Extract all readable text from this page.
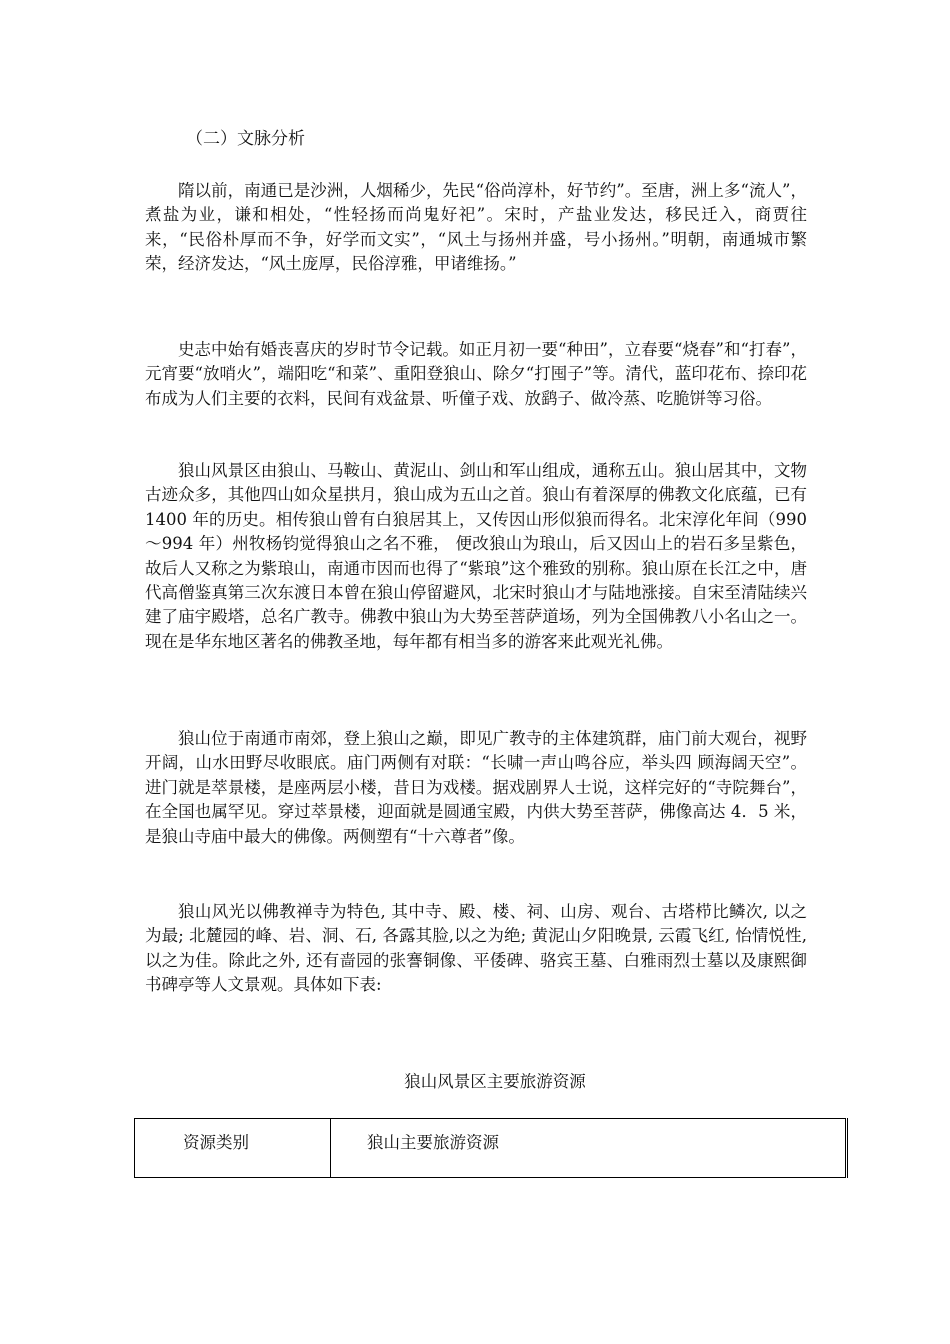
（二）文脉分析

隋以前，南通已是沙洲，人烟稀少，先民“俗尚淳朴，好节约”。至唐，洲上多“流人”，煮盐为业，谦和相处，“性轻扬而尚鬼好祀”。宋时，产盐业发达，移民迁入，商贾往来，“民俗朴厚而不争，好学而文实”，“风土与扬州并盛，号小扬州。”明朝，南通城市繁荣，经济发达，“风土庞厚，民俗淳雅，甲诸维扬。”

史志中始有婚丧喜庆的岁时节令记载。如正月初一要“种田”，立春要“烧春”和“打春”，元宵要“放哨火”，端阳吃“和菜”、重阳登狼山、除夕“打囤子”等。清代，蓝印花布、捺印花布成为人们主要的衣料，民间有戏盆景、听僮子戏、放鹞子、做冷蒸、吃脆饼等习俗。

狼山风景区由狼山、马鞍山、黄泥山、剑山和军山组成，通称五山。狼山居其中，文物古迹众多，其他四山如众星拱月，狼山成为五山之首。狼山有着深厚的佛教文化底蕴，已有 1400 年的历史。相传狼山曾有白狼居其上，又传因山形似狼而得名。北宋淳化年间（990～994 年）州牧杨钧觉得狼山之名不雅， 便改狼山为琅山，后又因山上的岩石多呈紫色，故后人又称之为紫琅山，南通市因而也得了“紫琅”这个雅致的别称。狼山原在长江之中，唐代高僧鉴真第三次东渡日本曾在狼山停留避风，北宋时狼山才与陆地涨接。自宋至清陆续兴建了庙宇殿塔，总名广教寺。佛教中狼山为大势至菩萨道场，列为全国佛教八小名山之一。现在是华东地区著名的佛教圣地，每年都有相当多的游客来此观光礼佛。

狼山位于南通市南郊，登上狼山之巅，即见广教寺的主体建筑群，庙门前大观台，视野开阔，山水田野尽收眼底。庙门两侧有对联：“长啸一声山鸣谷应，举头四 顾海阔天空”。进门就是萃景楼，是座两层小楼，昔日为戏楼。据戏剧界人士说，这样完好的“寺院舞台”，在全国也属罕见。穿过萃景楼，迎面就是圆通宝殿，内供大势至菩萨，佛像高达 4．5 米，是狼山寺庙中最大的佛像。两侧塑有“十六尊者”像。

狼山风光以佛教禅寺为特色, 其中寺、殿、楼、祠、山房、观台、古塔栉比鳞次, 以之为最; 北麓园的峰、岩、洞、石, 各露其脸,以之为绝; 黄泥山夕阳晚景, 云霞飞红, 怡情悦性, 以之为佳。除此之外, 还有啬园的张謇铜像、平倭碑、骆宾王墓、白雅雨烈士墓以及康熙御书碑亭等人文景观。具体如下表:

狼山风景区主要旅游资源

资源类别	狼山主要旅游资源
